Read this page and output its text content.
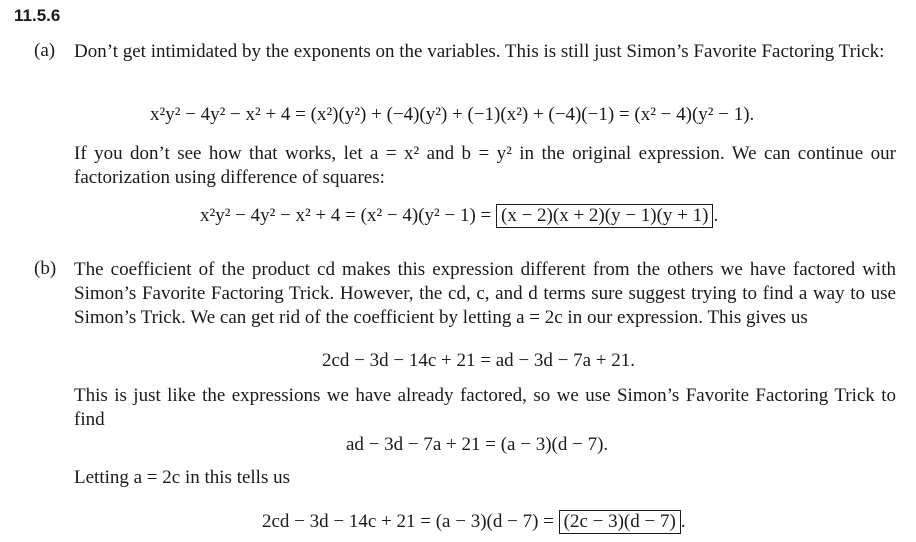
11.5.6
(a) Don’t get intimidated by the exponents on the variables. This is still just Simon’s Favorite Factoring Trick:
x²y² − 4y² − x² + 4 = (x²)(y²) + (−4)(y²) + (−1)(x²) + (−4)(−1) = (x² − 4)(y² − 1).
If you don’t see how that works, let a = x² and b = y² in the original expression. We can continue our factorization using difference of squares:
x²y² − 4y² − x² + 4 = (x² − 4)(y² − 1) = (x − 2)(x + 2)(y − 1)(y + 1) .
(b) The coefficient of the product cd makes this expression different from the others we have factored with Simon’s Favorite Factoring Trick. However, the cd, c, and d terms sure suggest trying to find a way to use Simon’s Trick. We can get rid of the coefficient by letting a = 2c in our expression. This gives us
2cd − 3d − 14c + 21 = ad − 3d − 7a + 21.
This is just like the expressions we have already factored, so we use Simon’s Favorite Factoring Trick to find
ad − 3d − 7a + 21 = (a − 3)(d − 7).
Letting a = 2c in this tells us
2cd − 3d − 14c + 21 = (a − 3)(d − 7) = (2c − 3)(d − 7) .
